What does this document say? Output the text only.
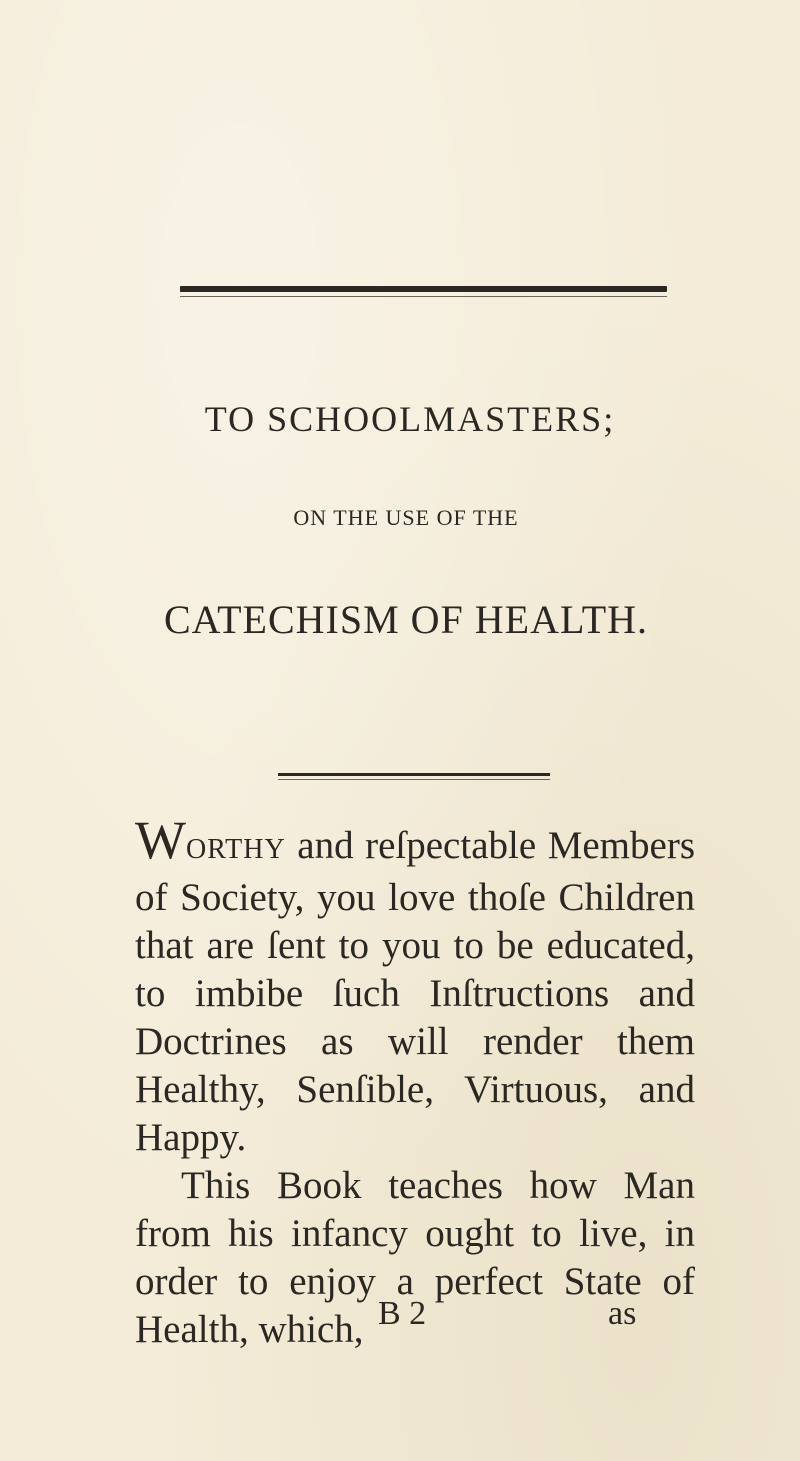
TO SCHOOLMASTERS;
ON THE USE OF THE
CATECHISM OF HEALTH.

WORTHY and reſpectable Members of Society, you love thoſe Children that are ſent to you to be educated, to imbibe ſuch Inſtructions and Doctrines as will render them Healthy, Senſible, Virtuous, and Happy.

This Book teaches how Man from his infancy ought to live, in order to enjoy a perfect State of Health, which, B 2	as
